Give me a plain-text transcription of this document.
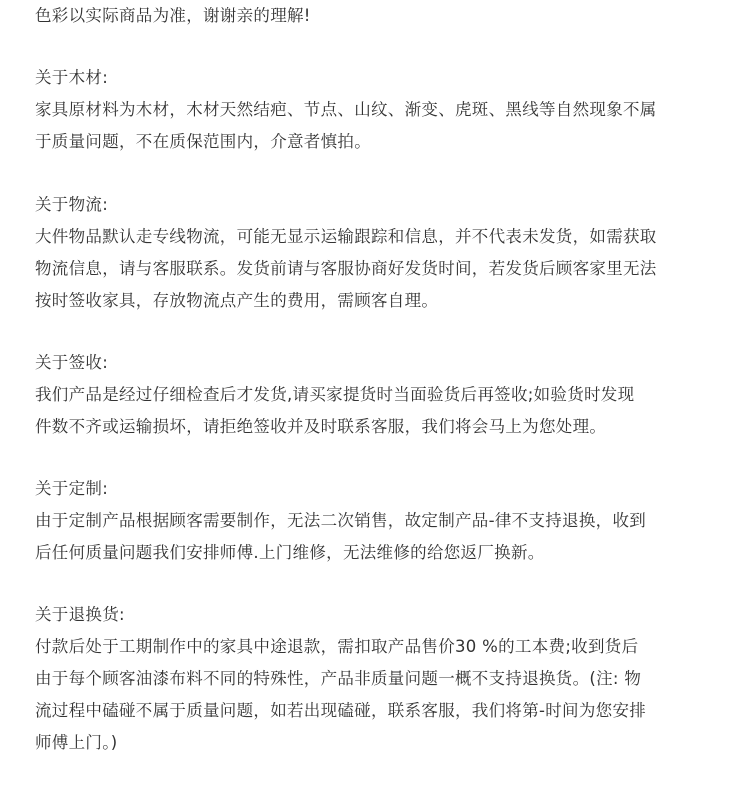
色彩以实际商品为准，谢谢亲的理解!
关于木材:
家具原材料为木材，木材天然结疤、节点、山纹、渐变、虎斑、黑线等自然现象不属
于质量问题，不在质保范围内，介意者慎拍。
关于物流:
大件物品默认走专线物流，可能无显示运输跟踪和信息，并不代表未发货，如需获取
物流信息，请与客服联系。发货前请与客服协商好发货时间，若发货后顾客家里无法
按时签收家具，存放物流点产生的费用，需顾客自理。
关于签收:
我们产品是经过仔细检查后才发货,请买家提货时当面验货后再签收;如验货时发现
件数不齐或运输损坏，请拒绝签收并及时联系客服，我们将会马上为您处理。
关于定制:
由于定制产品根据顾客需要制作，无法二次销售，故定制产品-律不支持退换，收到
后任何质量问题我们安排师傅.上门维修，无法维修的给您返厂换新。
关于退换货:
付款后处于工期制作中的家具中途退款，需扣取产品售价30 %的工本费;收到货后
由于每个顾客油漆布料不同的特殊性，产品非质量问题一概不支持退换货。(注: 物
流过程中磕碰不属于质量问题，如若出现磕碰，联系客服，我们将第-时间为您安排
师傅上门。)
